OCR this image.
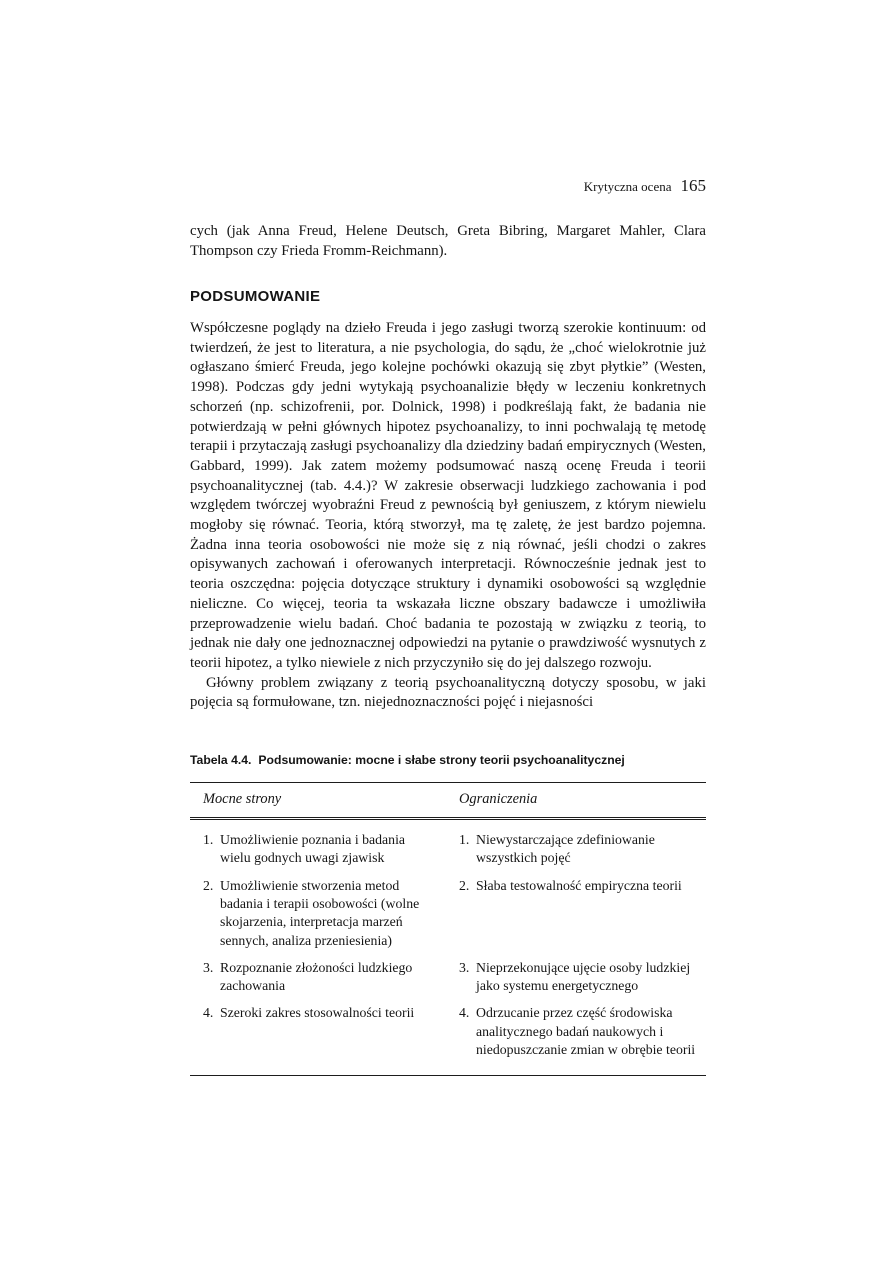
Krytyczna ocena 165

cych (jak Anna Freud, Helene Deutsch, Greta Bibring, Margaret Mahler, Clara Thompson czy Frieda Fromm-Reichmann).

PODSUMOWANIE

Współczesne poglądy na dzieło Freuda i jego zasługi tworzą szerokie kontinuum: od twierdzeń, że jest to literatura, a nie psychologia, do sądu, że „choć wielokrotnie już ogłaszano śmierć Freuda, jego kolejne pochówki okazują się zbyt płytkie” (Westen, 1998). Podczas gdy jedni wytykają psychoanalizie błędy w leczeniu konkretnych schorzeń (np. schizofrenii, por. Dolnick, 1998) i podkreślają fakt, że badania nie potwierdzają w pełni głównych hipotez psychoanalizy, to inni pochwalają tę metodę terapii i przytaczają zasługi psychoanalizy dla dziedziny badań empirycznych (Westen, Gabbard, 1999). Jak zatem możemy podsumować naszą ocenę Freuda i teorii psychoanalitycznej (tab. 4.4.)? W zakresie obserwacji ludzkiego zachowania i pod względem twórczej wyobraźni Freud z pewnością był geniuszem, z którym niewielu mogłoby się równać. Teoria, którą stworzył, ma tę zaletę, że jest bardzo pojemna. Żadna inna teoria osobowości nie może się z nią równać, jeśli chodzi o zakres opisywanych zachowań i oferowanych interpretacji. Równocześnie jednak jest to teoria oszczędna: pojęcia dotyczące struktury i dynamiki osobowości są względnie nieliczne. Co więcej, teoria ta wskazała liczne obszary badawcze i umożliwiła przeprowadzenie wielu badań. Choć badania te pozostają w związku z teorią, to jednak nie dały one jednoznacznej odpowiedzi na pytanie o prawdziwość wysnutych z teorii hipotez, a tylko niewiele z nich przyczyniło się do jej dalszego rozwoju.

Główny problem związany z teorią psychoanalityczną dotyczy sposobu, w jaki pojęcia są formułowane, tzn. niejednoznaczności pojęć i niejasności

Tabela 4.4. Podsumowanie: mocne i słabe strony teorii psychoanalitycznej

Mocne strony	Ograniczenia
1. Umożliwienie poznania i badania wielu godnych uwagi zjawisk
1. Niewystarczające zdefiniowanie wszystkich pojęć
2. Umożliwienie stworzenia metod badania i terapii osobowości (wolne skojarzenia, interpretacja marzeń sennych, analiza przeniesienia)
2. Słaba testowalność empiryczna teorii
3. Rozpoznanie złożoności ludzkiego zachowania
3. Nieprzekonujące ujęcie osoby ludzkiej jako systemu energetycznego
4. Szeroki zakres stosowalności teorii	4. Odrzucanie przez część środowiska analitycznego badań naukowych i niedopuszczanie zmian w obrębie teorii
